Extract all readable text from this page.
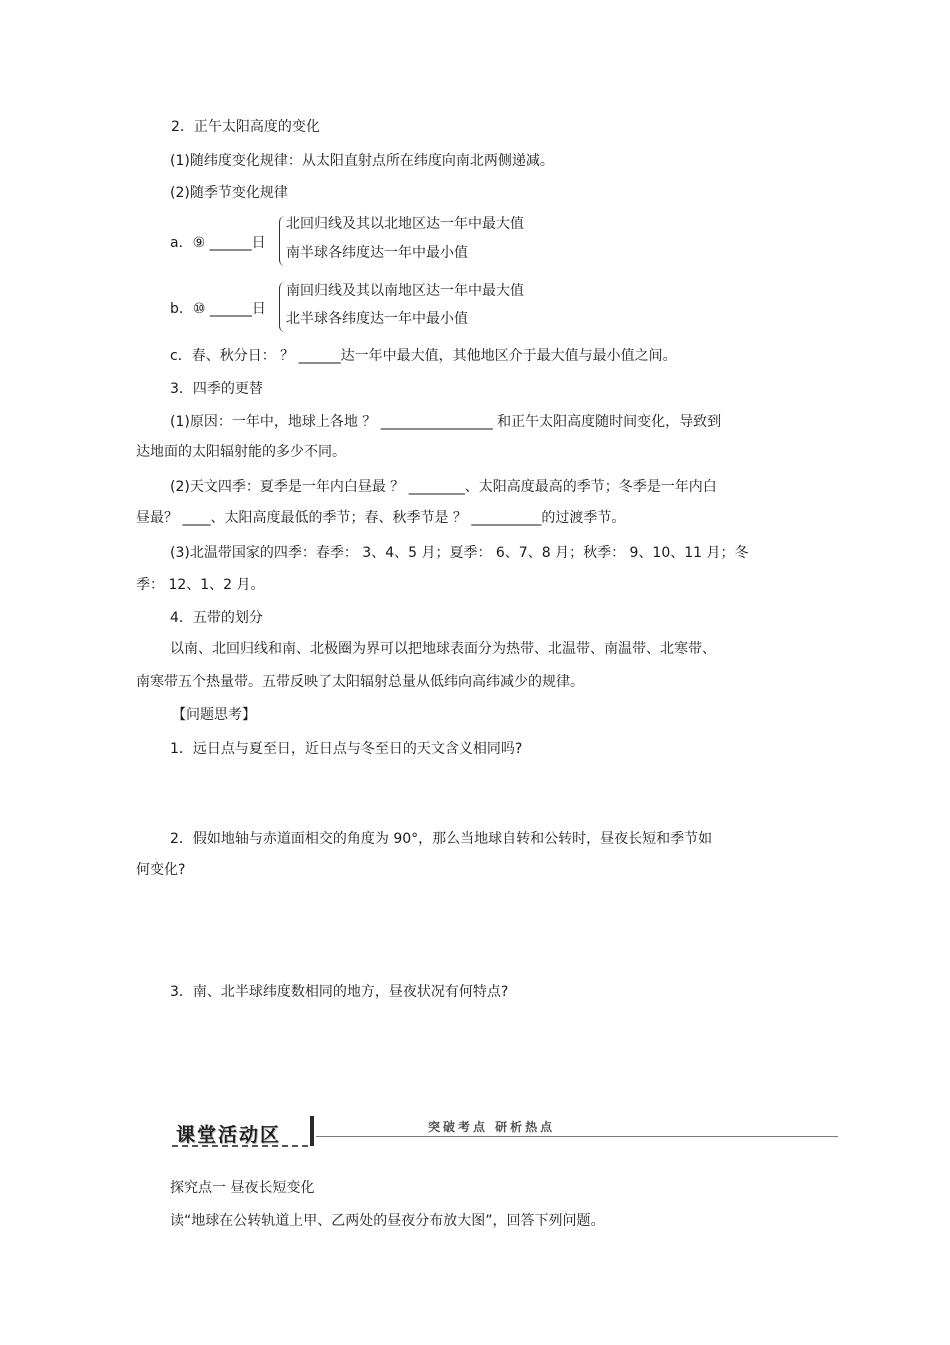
2．正午太阳高度的变化
(1)随纬度变化规律：从太阳直射点所在纬度向南北两侧递减。
(2)随季节变化规律
a．⑨ ______日
北回归线及其以北地区达一年中最大值
南半球各纬度达一年中最小值
b．⑩ ______日
南回归线及其以南地区达一年中最大值
北半球各纬度达一年中最小值
c．春、秋分日： ？ ______达一年中最大值，其他地区介于最大值与最小值之间。
3．四季的更替
(1)原因：一年中，地球上各地 ？ ________________ 和正午太阳高度随时间变化，导致到
达地面的太阳辐射能的多少不同。
(2)天文四季：夏季是一年内白昼最 ？ ________、太阳高度最高的季节；冬季是一年内白
昼最？ ____、太阳高度最低的季节；春、秋季节是 ？ __________的过渡季节。
(3)北温带国家的四季：春季： 3、4、5 月；夏季： 6、7、8 月；秋季： 9、10、11 月；冬
季： 12、1、2 月。
4．五带的划分
以南、北回归线和南、北极圈为界可以把地球表面分为热带、北温带、南温带、北寒带、
南寒带五个热量带。五带反映了太阳辐射总量从低纬向高纬减少的规律。
【问题思考】
1．远日点与夏至日，近日点与冬至日的天文含义相同吗?
2．假如地轴与赤道面相交的角度为 90°，那么当地球自转和公转时，昼夜长短和季节如
何变化?
3．南、北半球纬度数相同的地方，昼夜状况有何特点?
课堂活动区	突破考点 研析热点
探究点一 昼夜长短变化
读“地球在公转轨道上甲、乙两处的昼夜分布放大图”，回答下列问题。
